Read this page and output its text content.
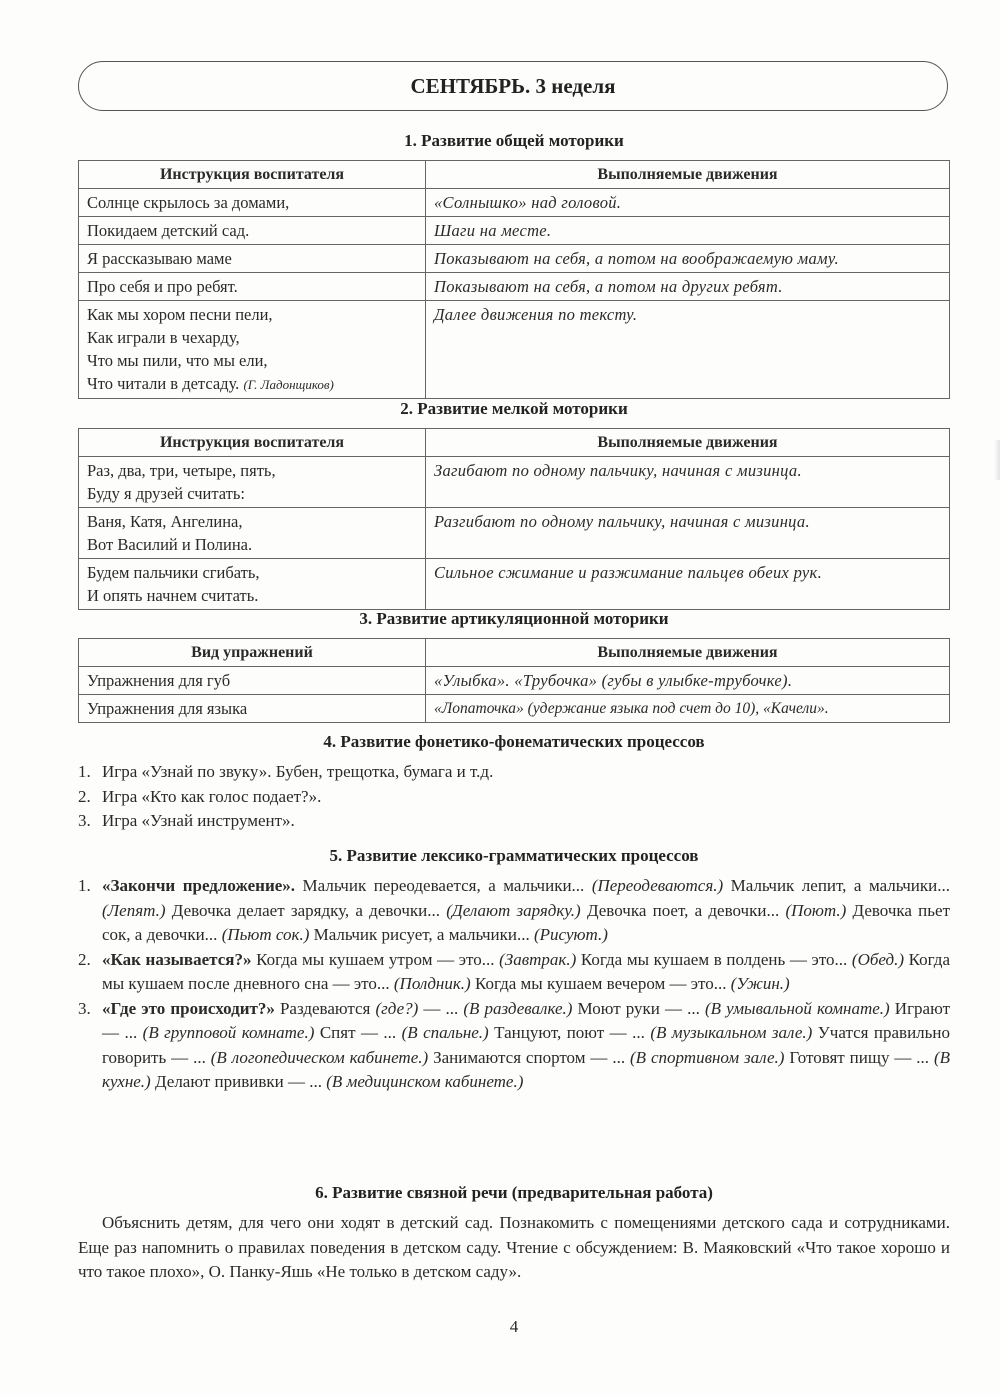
СЕНТЯБРЬ. 3 неделя
1. Развитие общей моторики
Инструкция воспитателя	Выполняемые движения

Солнце скрылось за домами,	«Солнышко» над головой.

Покидаем детский сад.	Шаги на месте.

Я рассказываю маме	Показывают на себя, а потом на воображаемую маму.

Про себя и про ребят.	Показывают на себя, а потом на других ребят.

Как мы хором песни пели,
Как играли в чехарду,
Что мы пили, что мы ели,
Что читали в детсаду. (Г. Ладонщиков)	Далее движения по тексту.
2. Развитие мелкой моторики
Инструкция воспитателя	Выполняемые движения

Раз, два, три, четыре, пять,
Буду я друзей считать:	Загибают по одному пальчику, начиная с мизинца.

Ваня, Катя, Ангелина,
Вот Василий и Полина.	Разгибают по одному пальчику, начиная с мизинца.

Будем пальчики сгибать,
И опять начнем считать.	Сильное сжимание и разжимание пальцев обеих рук.
3. Развитие артикуляционной моторики
Вид упражнений	Выполняемые движения
Упражнения для губ	«Улыбка». «Трубочка» (губы в улыбке-трубочке).
Упражнения для языка	«Лопаточка» (удержание языка под счет до 10), «Качели».
4. Развитие фонетико-фонематических процессов
1. Игра «Узнай по звуку». Бубен, трещотка, бумага и т.д.
2. Игра «Кто как голос подает?».
3. Игра «Узнай инструмент».
5. Развитие лексико-грамматических процессов
1. «Закончи предложение». Мальчик переодевается, а мальчики... (Переодеваются.) Мальчик лепит, а мальчики... (Лепят.) Девочка делает зарядку, а девочки... (Делают зарядку.) Девочка поет, а девочки... (Поют.) Девочка пьет сок, а девочки... (Пьют сок.) Мальчик рисует, а мальчики... (Рисуют.)
2. «Как называется?» Когда мы кушаем утром — это... (Завтрак.) Когда мы кушаем в полдень — это... (Обед.) Когда мы кушаем после дневного сна — это... (Полдник.) Когда мы кушаем вечером — это... (Ужин.)
3. «Где это происходит?» Раздеваются (где?) — ... (В раздевалке.) Моют руки — ... (В умывальной комнате.) Играют — ... (В групповой комнате.) Спят — ... (В спальне.) Танцуют, поют — ... (В музыкальном зале.) Учатся правильно говорить — ... (В логопедическом кабинете.) Занимаются спортом — ... (В спортивном зале.) Готовят пищу — ... (В кухне.) Делают прививки — ... (В медицинском кабинете.)
6. Развитие связной речи (предварительная работа)
Объяснить детям, для чего они ходят в детский сад. Познакомить с помещениями детского сада и сотрудниками. Еще раз напомнить о правилах поведения в детском саду. Чтение с обсуждением: В. Маяковский «Что такое хорошо и что такое плохо», О. Панку-Яшь «Не только в детском саду».
4
